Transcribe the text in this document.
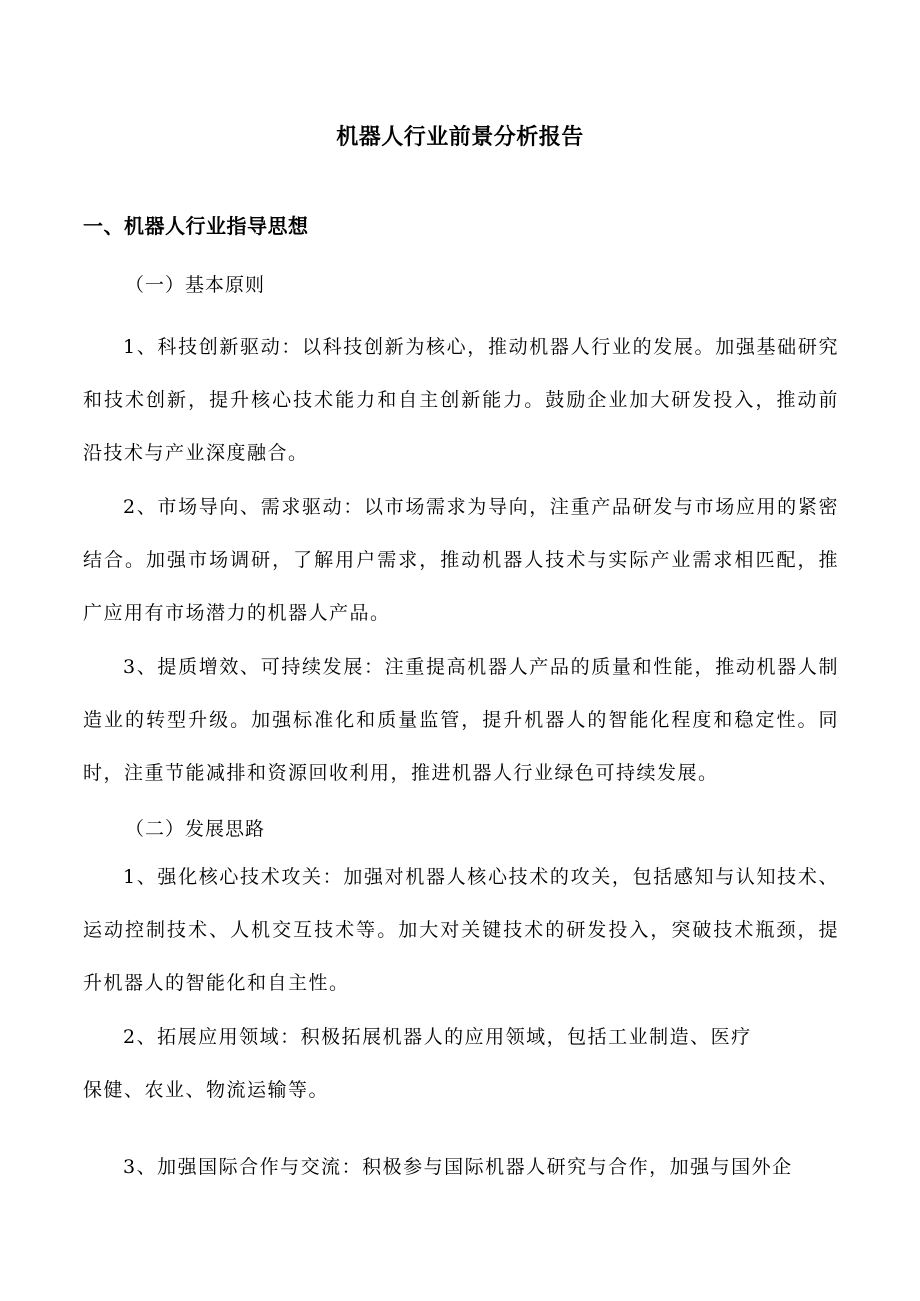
机器人行业前景分析报告
一、机器人行业指导思想
（一）基本原则

1、科技创新驱动：以科技创新为核心，推动机器人行业的发展。加强基础研究和技术创新，提升核心技术能力和自主创新能力。鼓励企业加大研发投入，推动前沿技术与产业深度融合。

2、市场导向、需求驱动：以市场需求为导向，注重产品研发与市场应用的紧密结合。加强市场调研，了解用户需求，推动机器人技术与实际产业需求相匹配，推广应用有市场潜力的机器人产品。

3、提质增效、可持续发展：注重提高机器人产品的质量和性能，推动机器人制造业的转型升级。加强标准化和质量监管，提升机器人的智能化程度和稳定性。同时，注重节能减排和资源回收利用，推进机器人行业绿色可持续发展。

（二）发展思路

1、强化核心技术攻关：加强对机器人核心技术的攻关，包括感知与认知技术、运动控制技术、人机交互技术等。加大对关键技术的研发投入，突破技术瓶颈，提升机器人的智能化和自主性。

2、拓展应用领域：积极拓展机器人的应用领域，包括工业制造、医疗
保健、农业、物流运输等。

3、加强国际合作与交流：积极参与国际机器人研究与合作，加强与国外企
